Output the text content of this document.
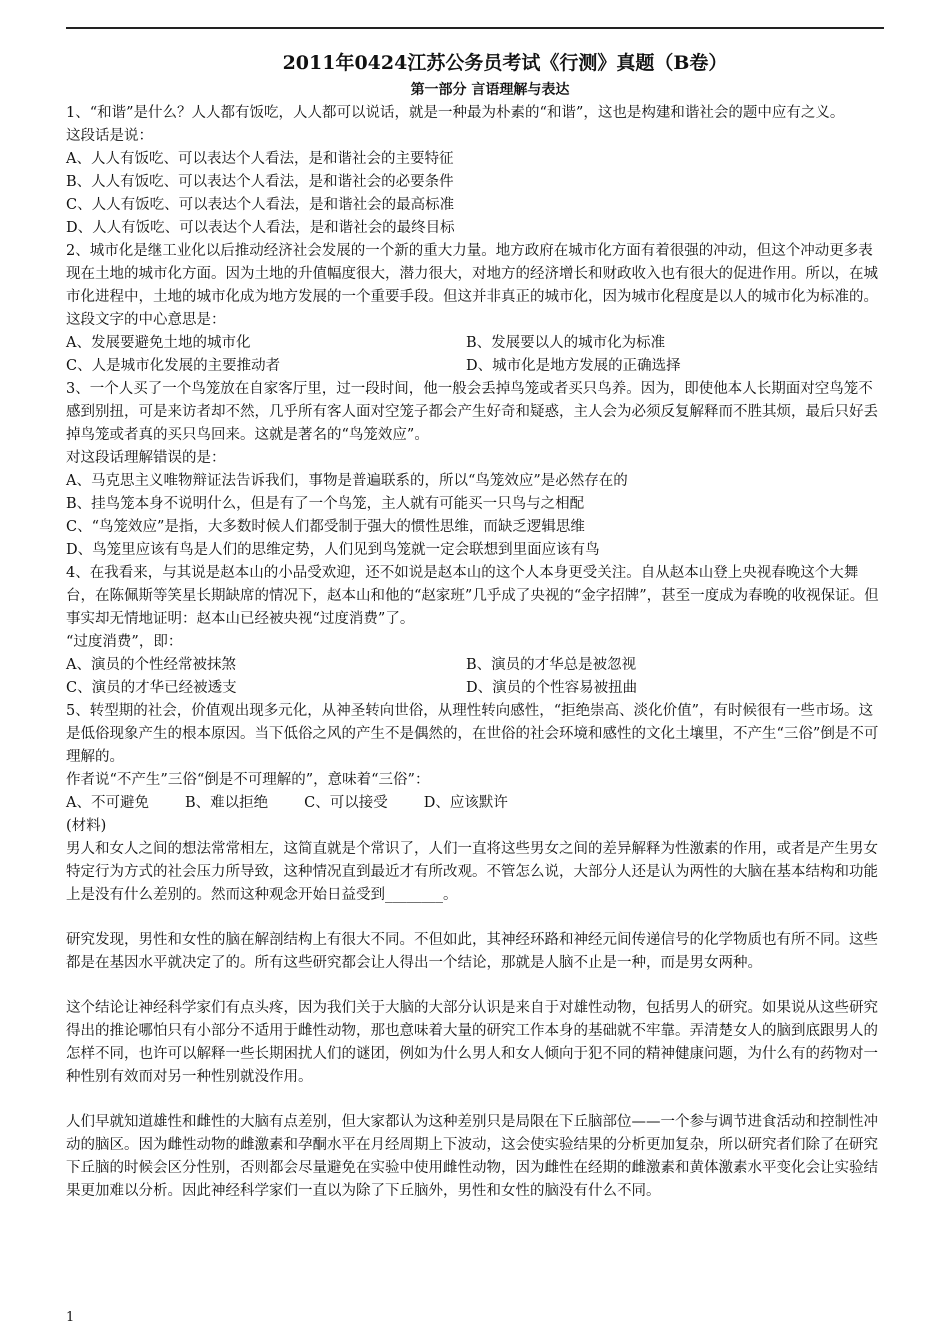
2011年0424江苏公务员考试《行测》真题（B卷）
第一部分 言语理解与表达

1、“和谐”是什么？人人都有饭吃，人人都可以说话，就是一种最为朴素的“和谐”，这也是构建和谐社会的题中应有之义。

这段话是说：

A、人人有饭吃、可以表达个人看法，是和谐社会的主要特征

B、人人有饭吃、可以表达个人看法，是和谐社会的必要条件

C、人人有饭吃、可以表达个人看法，是和谐社会的最高标准

D、人人有饭吃、可以表达个人看法，是和谐社会的最终目标

2、城市化是继工业化以后推动经济社会发展的一个新的重大力量。地方政府在城市化方面有着很强的冲动，但这个冲动更多表现在土地的城市化方面。因为土地的升值幅度很大，潜力很大，对地方的经济增长和财政收入也有很大的促进作用。所以，在城市化进程中，土地的城市化成为地方发展的一个重要手段。但这并非真正的城市化，因为城市化程度是以人的城市化为标准的。

这段文字的中心意思是：

A、发展要避免土地的城市化	B、发展要以人的城市化为标准
C、人是城市化发展的主要推动者	D、城市化是地方发展的正确选择

3、一个人买了一个鸟笼放在自家客厅里，过一段时间，他一般会丢掉鸟笼或者买只鸟养。因为，即使他本人长期面对空鸟笼不感到别扭，可是来访者却不然，几乎所有客人面对空笼子都会产生好奇和疑惑，主人会为必须反复解释而不胜其烦，最后只好丢掉鸟笼或者真的买只鸟回来。这就是著名的“鸟笼效应”。

对这段话理解错误的是：

A、马克思主义唯物辩证法告诉我们，事物是普遍联系的，所以“鸟笼效应”是必然存在的

B、挂鸟笼本身不说明什么，但是有了一个鸟笼，主人就有可能买一只鸟与之相配

C、“鸟笼效应”是指，大多数时候人们都受制于强大的惯性思维，而缺乏逻辑思维

D、鸟笼里应该有鸟是人们的思维定势，人们见到鸟笼就一定会联想到里面应该有鸟

4、在我看来，与其说是赵本山的小品受欢迎，还不如说是赵本山的这个人本身更受关注。自从赵本山登上央视春晚这个大舞台，在陈佩斯等笑星长期缺席的情况下，赵本山和他的“赵家班”几乎成了央视的“金字招牌”，甚至一度成为春晚的收视保证。但事实却无情地证明：赵本山已经被央视“过度消费”了。

“过度消费”，即：

A、演员的个性经常被抹煞	B、演员的才华总是被忽视
C、演员的才华已经被透支	D、演员的个性容易被扭曲

5、转型期的社会，价值观出现多元化，从神圣转向世俗，从理性转向感性，“拒绝崇高、淡化价值”，有时候很有一些市场。这是低俗现象产生的根本原因。当下低俗之风的产生不是偶然的，在世俗的社会环境和感性的文化土壤里，不产生“三俗”倒是不可理解的。

作者说“不产生”三俗“倒是不可理解的”，意味着“三俗”：

A、不可避免 B、难以拒绝 C、可以接受 D、应该默许

(材料)

男人和女人之间的想法常常相左，这简直就是个常识了，人们一直将这些男女之间的差异解释为性激素的作用，或者是产生男女特定行为方式的社会压力所导致，这种情况直到最近才有所改观。不管怎么说，大部分人还是认为两性的大脑在基本结构和功能上是没有什么差别的。然而这种观念开始日益受到________。

研究发现，男性和女性的脑在解剖结构上有很大不同。不但如此，其神经环路和神经元间传递信号的化学物质也有所不同。这些都是在基因水平就决定了的。所有这些研究都会让人得出一个结论，那就是人脑不止是一种，而是男女两种。

这个结论让神经科学家们有点头疼，因为我们关于大脑的大部分认识是来自于对雄性动物，包括男人的研究。如果说从这些研究得出的推论哪怕只有小部分不适用于雌性动物，那也意味着大量的研究工作本身的基础就不牢靠。弄清楚女人的脑到底跟男人的怎样不同，也许可以解释一些长期困扰人们的谜团，例如为什么男人和女人倾向于犯不同的精神健康问题，为什么有的药物对一种性别有效而对另一种性别就没作用。

人们早就知道雄性和雌性的大脑有点差别，但大家都认为这种差别只是局限在下丘脑部位——一个参与调节进食活动和控制性冲动的脑区。因为雌性动物的雌激素和孕酮水平在月经周期上下波动，这会使实验结果的分析更加复杂，所以研究者们除了在研究下丘脑的时候会区分性别，否则都会尽量避免在实验中使用雌性动物，因为雌性在经期的雌激素和黄体激素水平变化会让实验结果更加难以分析。因此神经科学家们一直以为除了下丘脑外，男性和女性的脑没有什么不同。

1
